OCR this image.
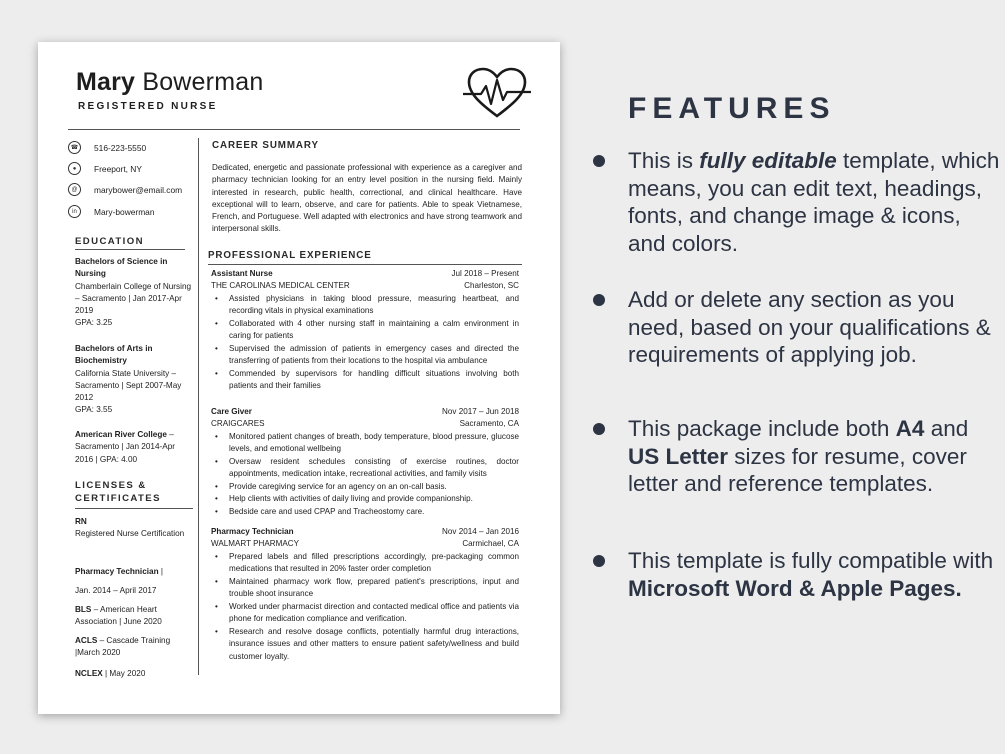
Mary Bowerman
REGISTERED NURSE
☎	516-223-5550
●	Freeport, NY
@	marybower@email.com
in	Mary-bowerman
EDUCATION
Bachelors of Science in Nursing
Chamberlain College of Nursing – Sacramento | Jan 2017-Apr 2019
GPA: 3.25
Bachelors of Arts in Biochemistry
California State University – Sacramento | Sept 2007-May 2012
GPA: 3.55
American River College – Sacramento | Jan 2014-Apr 2016 | GPA: 4.00
LICENSES & CERTIFICATES
RN
Registered Nurse Certification
Pharmacy Technician |
Jan. 2014 – April 2017
BLS – American Heart Association | June 2020
ACLS – Cascade Training |March 2020
NCLEX | May 2020
CAREER SUMMARY
Dedicated, energetic and passionate professional with experience as a caregiver and pharmacy technician looking for an entry level position in the nursing field. Mainly interested in research, public health, correctional, and clinical healthcare. Have exceptional will to learn, observe, and care for patients. Able to speak Vietnamese, French, and Portuguese. Well adapted with electronics and have strong teamwork and interpersonal skills.
PROFESSIONAL EXPERIENCE
Assistant Nurse	Jul 2018 – Present
THE CAROLINAS MEDICAL CENTER	Charleston, SC
• Assisted physicians in taking blood pressure, measuring heartbeat, and recording vitals in physical examinations
• Collaborated with 4 other nursing staff in maintaining a calm environment in caring for patients
• Supervised the admission of patients in emergency cases and directed the transferring of patients from their locations to the hospital via ambulance
• Commended by supervisors for handling difficult situations involving both patients and their families
Care Giver	Nov 2017 – Jun 2018
CRAIGCARES	Sacramento, CA
• Monitored patient changes of breath, body temperature, blood pressure, glucose levels, and emotional wellbeing
• Oversaw resident schedules consisting of exercise routines, doctor appointments, medication intake, recreational activities, and family visits
• Provide caregiving service for an agency on an on-call basis.
• Help clients with activities of daily living and provide companionship.
• Bedside care and used CPAP and Tracheostomy care.
Pharmacy Technician	Nov 2014 – Jan 2016
WALMART PHARMACY	Carmichael, CA
• Prepared labels and filled prescriptions accordingly, pre-packaging common medications that resulted in 20% faster order completion
• Maintained pharmacy work flow, prepared patient's prescriptions, input and trouble shoot insurance
• Worked under pharmacist direction and contacted medical office and patients via phone for medication compliance and verification.
• Research and resolve dosage conflicts, potentially harmful drug interactions, insurance issues and other matters to ensure patient safety/wellness and build customer loyalty.
FEATURES
This is fully editable template, which means, you can edit text, headings, fonts, and change image & icons, and colors.
Add or delete any section as you need, based on your qualifications & requirements of applying job.
This package include both A4 and US Letter sizes for resume, cover letter and reference templates.
This template is fully compatible with Microsoft Word & Apple Pages.
